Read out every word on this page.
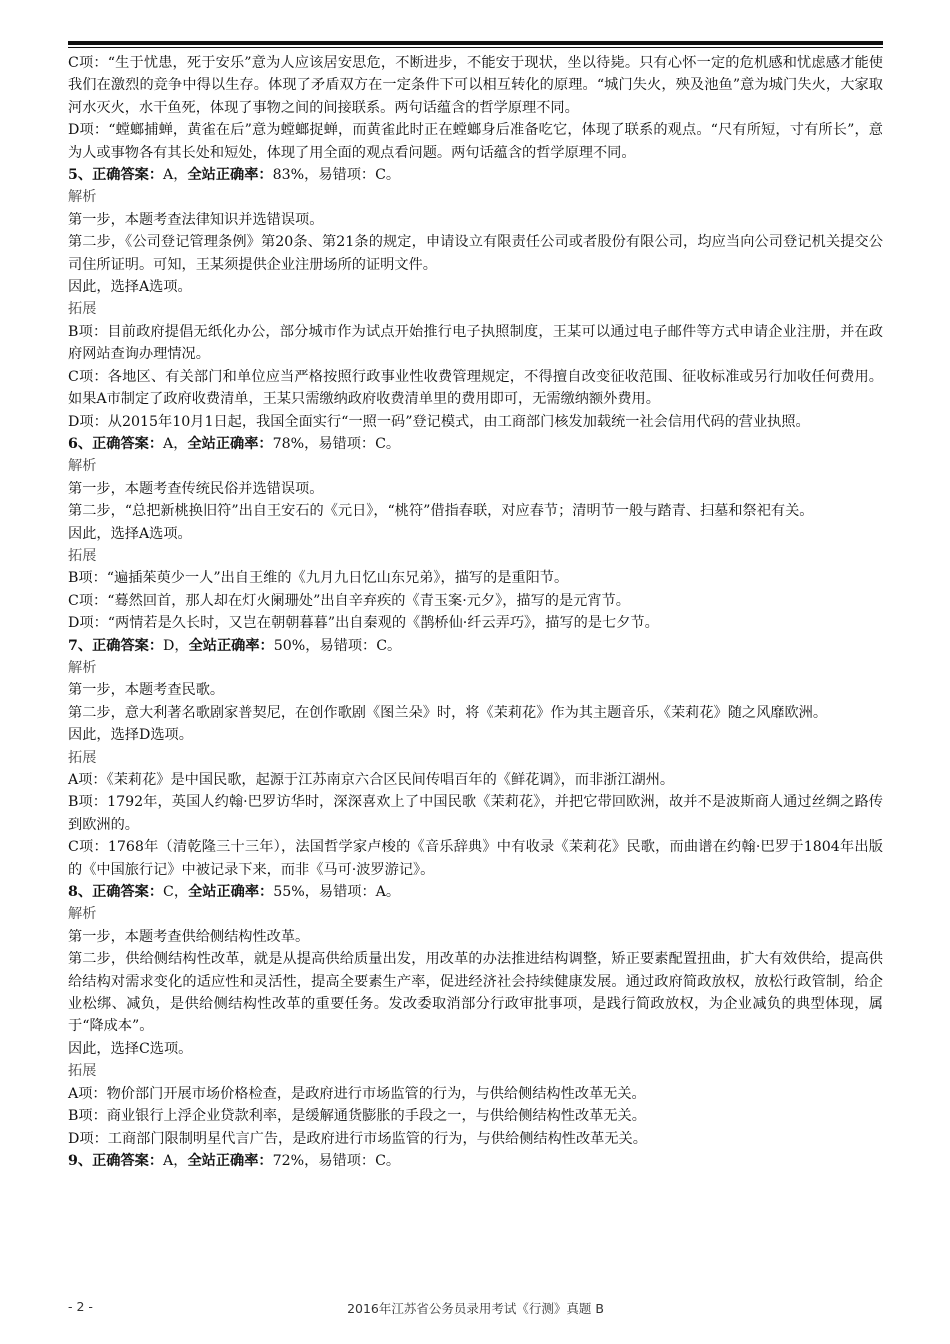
C项：“生于忧患，死于安乐”意为人应该居安思危，不断进步，不能安于现状，坐以待毙。只有心怀一定的危机感和忧虑感才能使我们在激烈的竞争中得以生存。体现了矛盾双方在一定条件下可以相互转化的原理。“城门失火，殃及池鱼”意为城门失火，大家取河水灭火，水干鱼死，体现了事物之间的间接联系。两句话蕴含的哲学原理不同。

D项：“螳螂捕蝉，黄雀在后”意为螳螂捉蝉，而黄雀此时正在螳螂身后准备吃它，体现了联系的观点。“尺有所短，寸有所长”，意为人或事物各有其长处和短处，体现了用全面的观点看问题。两句话蕴含的哲学原理不同。

5、正确答案：A，全站正确率：83%，易错项：C。

解析

第一步，本题考查法律知识并选错误项。

第二步，《公司登记管理条例》第20条、第21条的规定，申请设立有限责任公司或者股份有限公司，均应当向公司登记机关提交公司住所证明。可知，王某须提供企业注册场所的证明文件。

因此，选择A选项。

拓展

B项：目前政府提倡无纸化办公，部分城市作为试点开始推行电子执照制度，王某可以通过电子邮件等方式申请企业注册，并在政府网站查询办理情况。

C项：各地区、有关部门和单位应当严格按照行政事业性收费管理规定，不得擅自改变征收范围、征收标准或另行加收任何费用。如果A市制定了政府收费清单，王某只需缴纳政府收费清单里的费用即可，无需缴纳额外费用。

D项：从2015年10月1日起，我国全面实行“一照一码”登记模式，由工商部门核发加载统一社会信用代码的营业执照。

6、正确答案：A，全站正确率：78%，易错项：C。

解析

第一步，本题考查传统民俗并选错误项。

第二步，“总把新桃换旧符”出自王安石的《元日》，“桃符”借指春联，对应春节；清明节一般与踏青、扫墓和祭祀有关。

因此，选择A选项。

拓展

B项：“遍插茱萸少一人”出自王维的《九月九日忆山东兄弟》，描写的是重阳节。

C项：“蓦然回首，那人却在灯火阑珊处”出自辛弃疾的《青玉案·元夕》，描写的是元宵节。

D项：“两情若是久长时，又岂在朝朝暮暮”出自秦观的《鹊桥仙·纤云弄巧》，描写的是七夕节。

7、正确答案：D，全站正确率：50%，易错项：C。

解析

第一步，本题考查民歌。

第二步，意大利著名歌剧家普契尼，在创作歌剧《图兰朵》时，将《茉莉花》作为其主题音乐，《茉莉花》随之风靡欧洲。

因此，选择D选项。

拓展

A项：《茉莉花》是中国民歌，起源于江苏南京六合区民间传唱百年的《鲜花调》，而非浙江湖州。

B项：1792年，英国人约翰·巴罗访华时，深深喜欢上了中国民歌《茉莉花》，并把它带回欧洲，故并不是波斯商人通过丝绸之路传到欧洲的。

C项：1768年（清乾隆三十三年），法国哲学家卢梭的《音乐辞典》中有收录《茉莉花》民歌，而曲谱在约翰·巴罗于1804年出版的《中国旅行记》中被记录下来，而非《马可·波罗游记》。

8、正确答案：C，全站正确率：55%，易错项：A。

解析

第一步，本题考查供给侧结构性改革。

第二步，供给侧结构性改革，就是从提高供给质量出发，用改革的办法推进结构调整，矫正要素配置扭曲，扩大有效供给，提高供给结构对需求变化的适应性和灵活性，提高全要素生产率，促进经济社会持续健康发展。通过政府简政放权，放松行政管制，给企业松绑、减负，是供给侧结构性改革的重要任务。发改委取消部分行政审批事项，是践行简政放权，为企业减负的典型体现，属于“降成本”。

因此，选择C选项。

拓展

A项：物价部门开展市场价格检查，是政府进行市场监管的行为，与供给侧结构性改革无关。

B项：商业银行上浮企业贷款利率，是缓解通货膨胀的手段之一，与供给侧结构性改革无关。

D项：工商部门限制明星代言广告，是政府进行市场监管的行为，与供给侧结构性改革无关。

9、正确答案：A，全站正确率：72%，易错项：C。

- 2 -	2016年江苏省公务员录用考试《行测》真题 B
